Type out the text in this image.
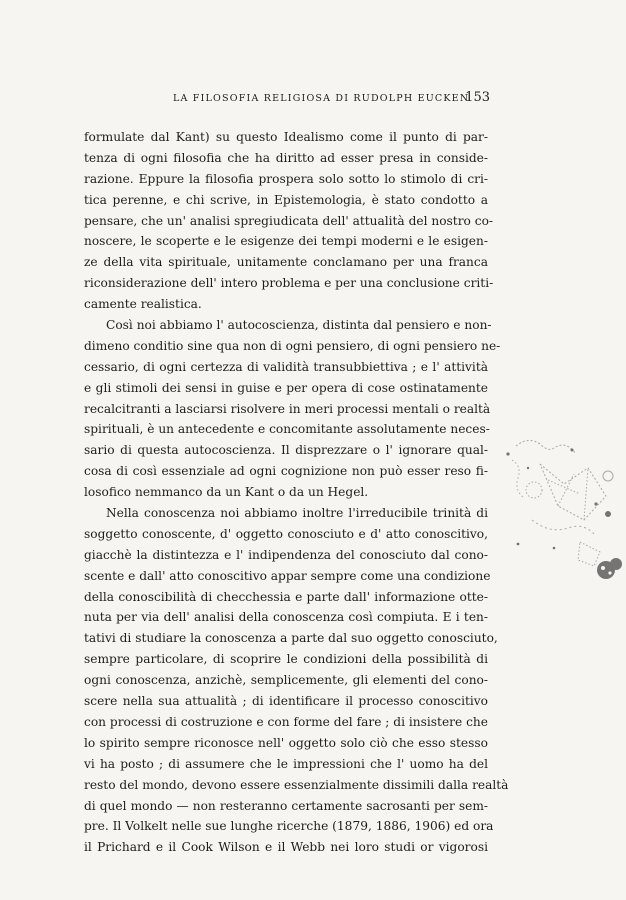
LA FILOSOFIA RELIGIOSA DI RUDOLPH EUCKEN
153
formulate dal Kant) su questo Idealismo come il punto di par-
tenza di ogni filosofia che ha diritto ad esser presa in conside-
razione. Eppure la filosofia prospera solo sotto lo stimolo di cri-
tica perenne, e chi scrive, in Epistemologia, è stato condotto a
pensare, che un' analisi spregiudicata dell' attualità del nostro co-
noscere, le scoperte e le esigenze dei tempi moderni e le esigen-
ze della vita spirituale, unitamente conclamano per una franca
riconsiderazione dell' intero problema e per una conclusione criti-
camente realistica.
Così noi abbiamo l' autocoscienza, distinta dal pensiero e non-
dimeno conditio sine qua non di ogni pensiero, di ogni pensiero ne-
cessario, di ogni certezza di validità transubbiettiva ; e l' attività
e gli stimoli dei sensi in guise e per opera di cose ostinatamente
recalcitranti a lasciarsi risolvere in meri processi mentali o realtà
spirituali, è un antecedente e concomitante assolutamente neces-
sario di questa autocoscienza. Il disprezzare o l' ignorare qual-
cosa di così essenziale ad ogni cognizione non può esser reso fi-
losofico nemmanco da un Kant o da un Hegel.
Nella conoscenza noi abbiamo inoltre l'irreducibile trinità di
soggetto conoscente, d' oggetto conosciuto e d' atto conoscitivo,
giacchè la distintezza e l' indipendenza del conosciuto dal cono-
scente e dall' atto conoscitivo appar sempre come una condizione
della conoscibilità di checchessia e parte dall' informazione otte-
nuta per via dell' analisi della conoscenza così compiuta. E i ten-
tativi di studiare la conoscenza a parte dal suo oggetto conosciuto,
sempre particolare, di scoprire le condizioni della possibilità di
ogni conoscenza, anzichè, semplicemente, gli elementi del cono-
scere nella sua attualità ; di identificare il processo conoscitivo
con processi di costruzione e con forme del fare ; di insistere che
lo spirito sempre riconosce nell' oggetto solo ciò che esso stesso
vi ha posto ; di assumere che le impressioni che l' uomo ha del
resto del mondo, devono essere essenzialmente dissimili dalla realtà
di quel mondo — non resteranno certamente sacrosanti per sem-
pre. Il Volkelt nelle sue lunghe ricerche (1879, 1886, 1906) ed ora
il Prichard e il Cook Wilson e il Webb nei loro studi or vigorosi
